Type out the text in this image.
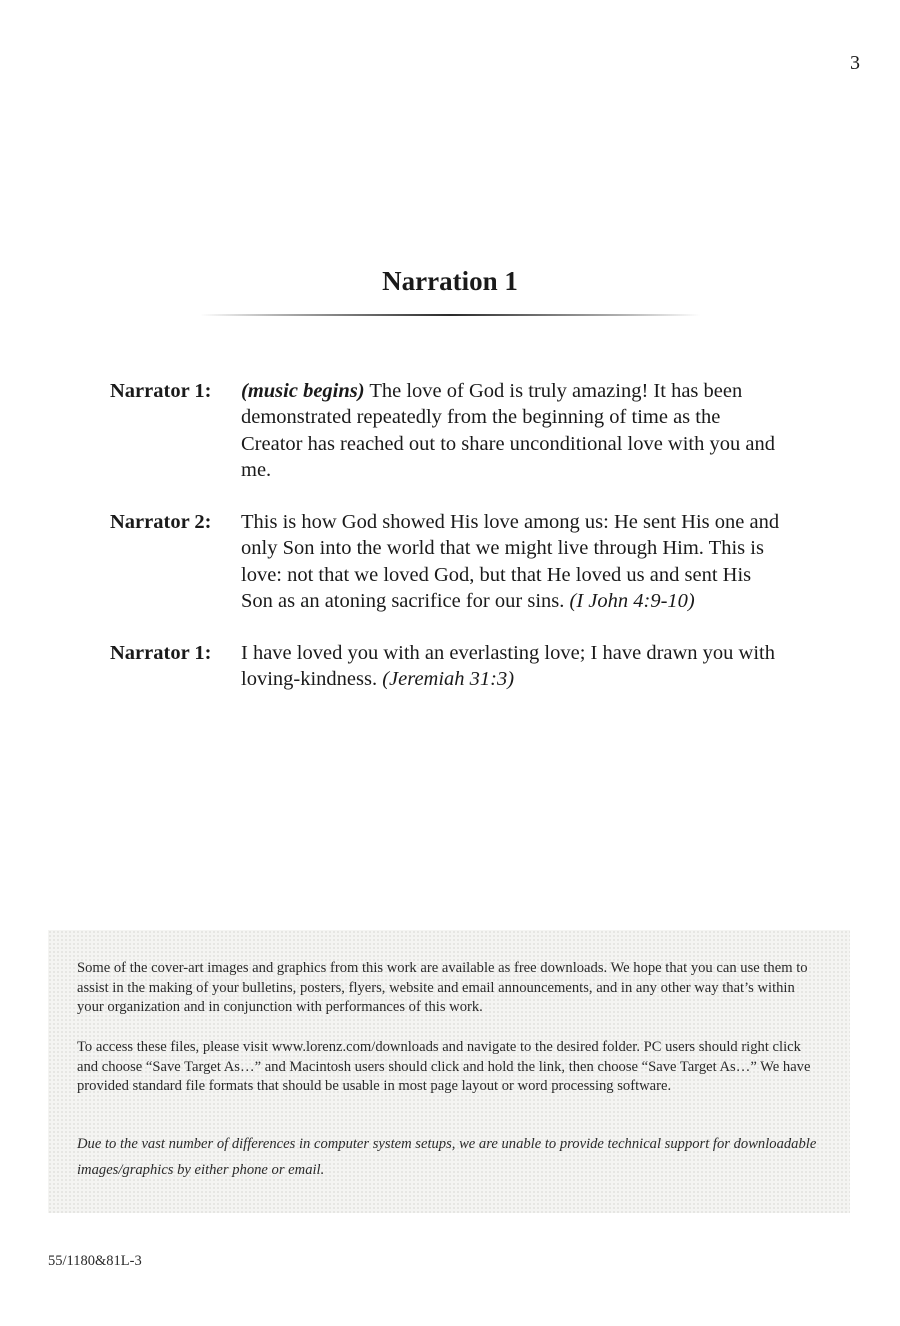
3
Narration 1
Narrator 1:	(music begins) The love of God is truly amazing! It has been demonstrated repeatedly from the beginning of time as the Creator has reached out to share unconditional love with you and me.
Narrator 2:	This is how God showed His love among us: He sent His one and only Son into the world that we might live through Him. This is love: not that we loved God, but that He loved us and sent His Son as an atoning sacrifice for our sins. (I John 4:9-10)
Narrator 1:	I have loved you with an everlasting love; I have drawn you with loving-kindness. (Jeremiah 31:3)

Some of the cover-art images and graphics from this work are available as free downloads. We hope that you can use them to assist in the making of your bulletins, posters, flyers, website and email announcements, and in any other way that’s within your organization and in conjunction with performances of this work.

To access these files, please visit www.lorenz.com/downloads and navigate to the desired folder. PC users should right click and choose “Save Target As…” and Macintosh users should click and hold the link, then choose “Save Target As…” We have provided standard file formats that should be usable in most page layout or word processing software.

Due to the vast number of differences in computer system setups, we are unable to provide technical support for downloadable images/graphics by either phone or email.

55/1180&81L-3
